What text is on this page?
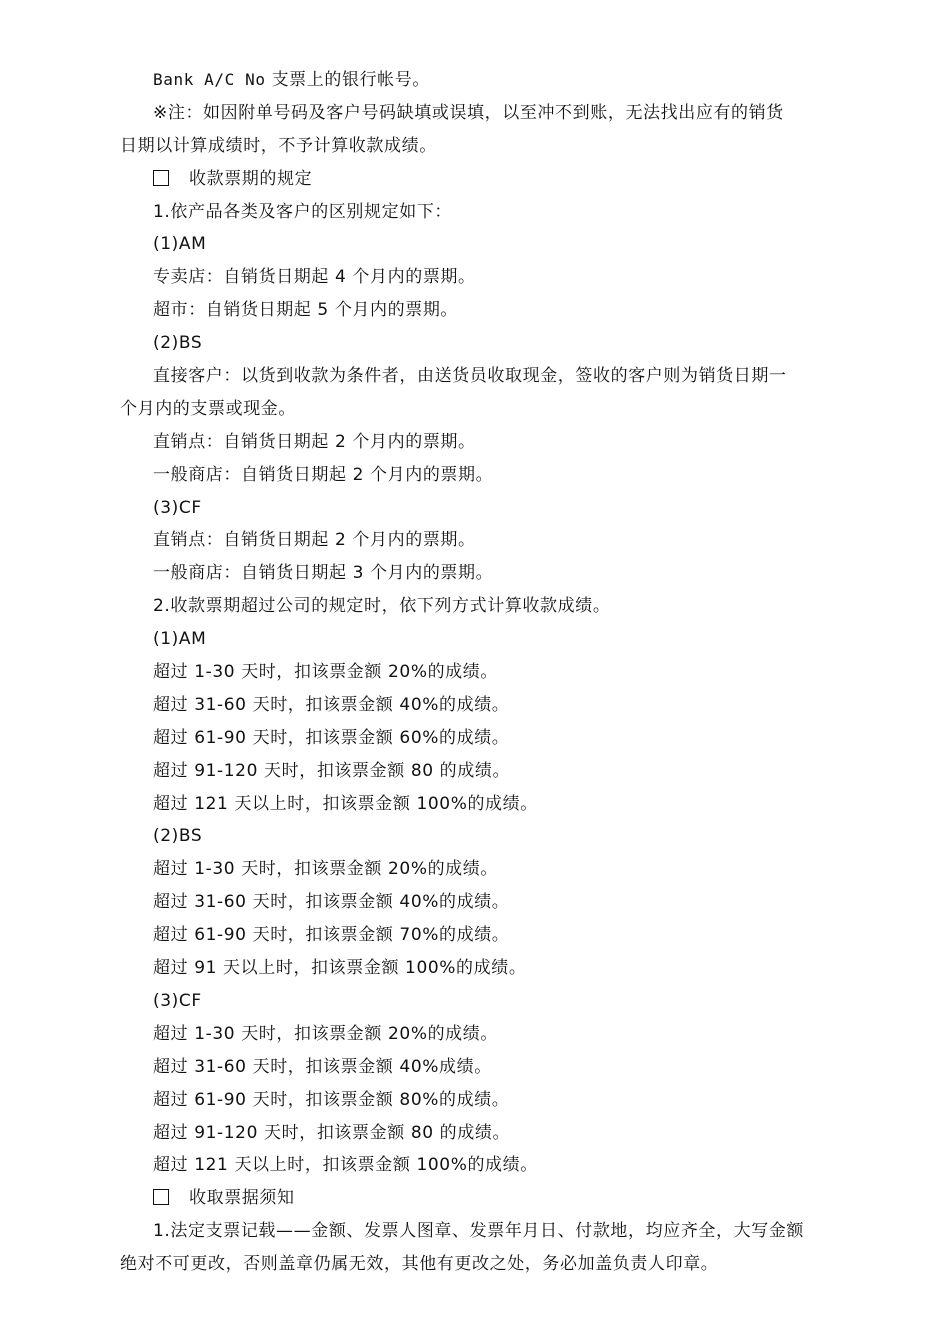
Bank A/C No 支票上的银行帐号。
※注：如因附单号码及客户号码缺填或误填，以至冲不到账，无法找出应有的销货
日期以计算成绩时，不予计算收款成绩。
收款票期的规定
1.依产品各类及客户的区别规定如下：
(1)AM
专卖店：自销货日期起 4 个月内的票期。
超市：自销货日期起 5 个月内的票期。
(2)BS
直接客户：以货到收款为条件者，由送货员收取现金，签收的客户则为销货日期一
个月内的支票或现金。
直销点：自销货日期起 2 个月内的票期。
一般商店：自销货日期起 2 个月内的票期。
(3)CF
直销点：自销货日期起 2 个月内的票期。
一般商店：自销货日期起 3 个月内的票期。
2.收款票期超过公司的规定时，依下列方式计算收款成绩。
(1)AM
超过 1-30 天时，扣该票金额 20%的成绩。
超过 31-60 天时，扣该票金额 40%的成绩。
超过 61-90 天时，扣该票金额 60%的成绩。
超过 91-120 天时，扣该票金额 80 的成绩。
超过 121 天以上时，扣该票金额 100%的成绩。
(2)BS
超过 1-30 天时，扣该票金额 20%的成绩。
超过 31-60 天时，扣该票金额 40%的成绩。
超过 61-90 天时，扣该票金额 70%的成绩。
超过 91 天以上时，扣该票金额 100%的成绩。
(3)CF
超过 1-30 天时，扣该票金额 20%的成绩。
超过 31-60 天时，扣该票金额 40%成绩。
超过 61-90 天时，扣该票金额 80%的成绩。
超过 91-120 天时，扣该票金额 80 的成绩。
超过 121 天以上时，扣该票金额 100%的成绩。
收取票据须知
1.法定支票记载——金额、发票人图章、发票年月日、付款地，均应齐全，大写金额
绝对不可更改，否则盖章仍属无效，其他有更改之处，务必加盖负责人印章。
